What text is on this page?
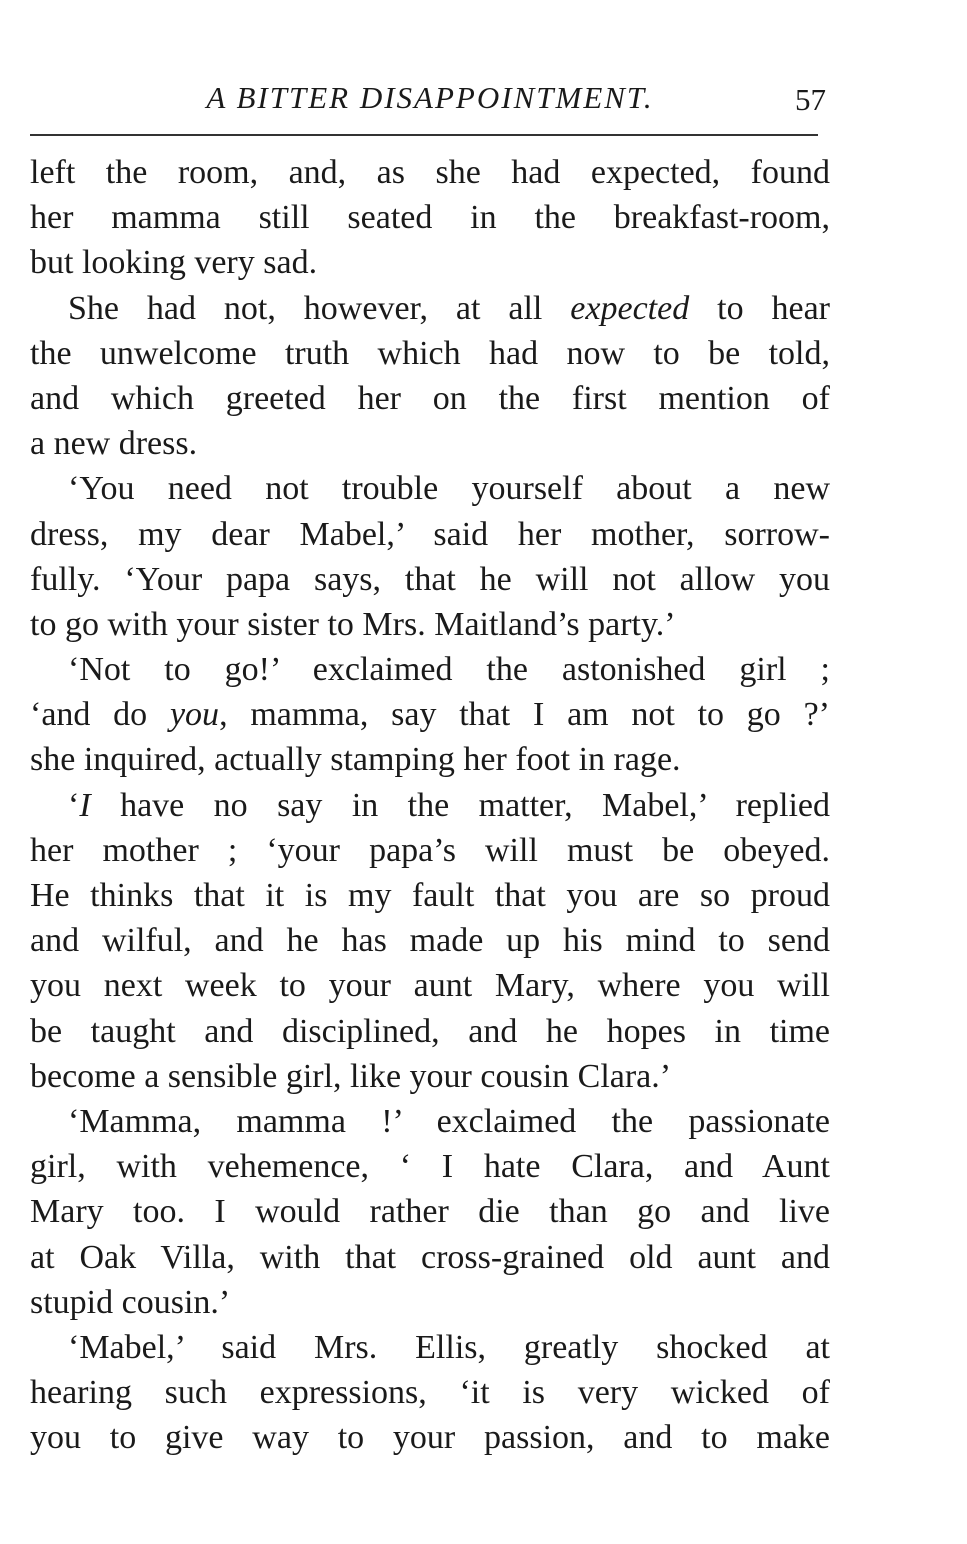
A BITTER DISAPPOINTMENT.	57
left the room, and, as she had expected, found
her mamma still seated in the breakfast-room,
but looking very sad.
She had not, however, at all expected to hear
the unwelcome truth which had now to be told,
and which greeted her on the first mention of
a new dress.
‘You need not trouble yourself about a new
dress, my dear Mabel,’ said her mother, sorrow-
fully. ‘Your papa says, that he will not allow you
to go with your sister to Mrs. Maitland’s party.’
‘Not to go!’ exclaimed the astonished girl ;
‘and do you, mamma, say that I am not to go ?’
she inquired, actually stamping her foot in rage.
‘I have no say in the matter, Mabel,’ replied
her mother ; ‘your papa’s will must be obeyed.
He thinks that it is my fault that you are so proud
and wilful, and he has made up his mind to send
you next week to your aunt Mary, where you will
be taught and disciplined, and he hopes in time
become a sensible girl, like your cousin Clara.’
‘Mamma, mamma !’ exclaimed the passionate
girl, with vehemence, ‘ I hate Clara, and Aunt
Mary too. I would rather die than go and live
at Oak Villa, with that cross-grained old aunt and
stupid cousin.’
‘Mabel,’ said Mrs. Ellis, greatly shocked at
hearing such expressions, ‘it is very wicked of
you to give way to your passion, and to make
